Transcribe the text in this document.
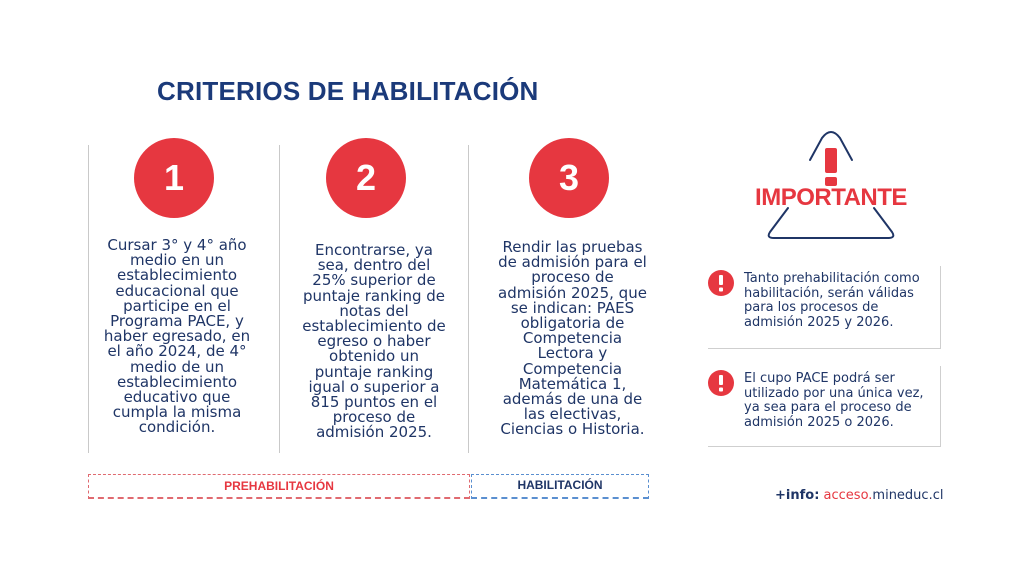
CRITERIOS DE HABILITACIÓN
1	2	3
Cursar 3° y 4° año medio en un establecimiento educacional que participe en el Programa PACE, y haber egresado, en el año 2024, de 4° medio de un establecimiento educativo que cumpla la misma condición.
Encontrarse, ya sea, dentro del 25% superior de puntaje ranking de notas del establecimiento de egreso o haber obtenido un puntaje ranking igual o superior a 815 puntos en el proceso de admisión 2025.
Rendir las pruebas de admisión para el proceso de admisión 2025, que se indican: PAES obligatoria de Competencia Lectora y Competencia Matemática 1, además de una de las electivas, Ciencias o Historia.
PREHABILITACIÓN	HABILITACIÓN
IMPORTANTE
Tanto prehabilitación como habilitación, serán válidas para los procesos de admisión 2025 y 2026.
El cupo PACE podrá ser utilizado por una única vez, ya sea para el proceso de admisión 2025 o 2026.
+info: acceso.mineduc.cl
